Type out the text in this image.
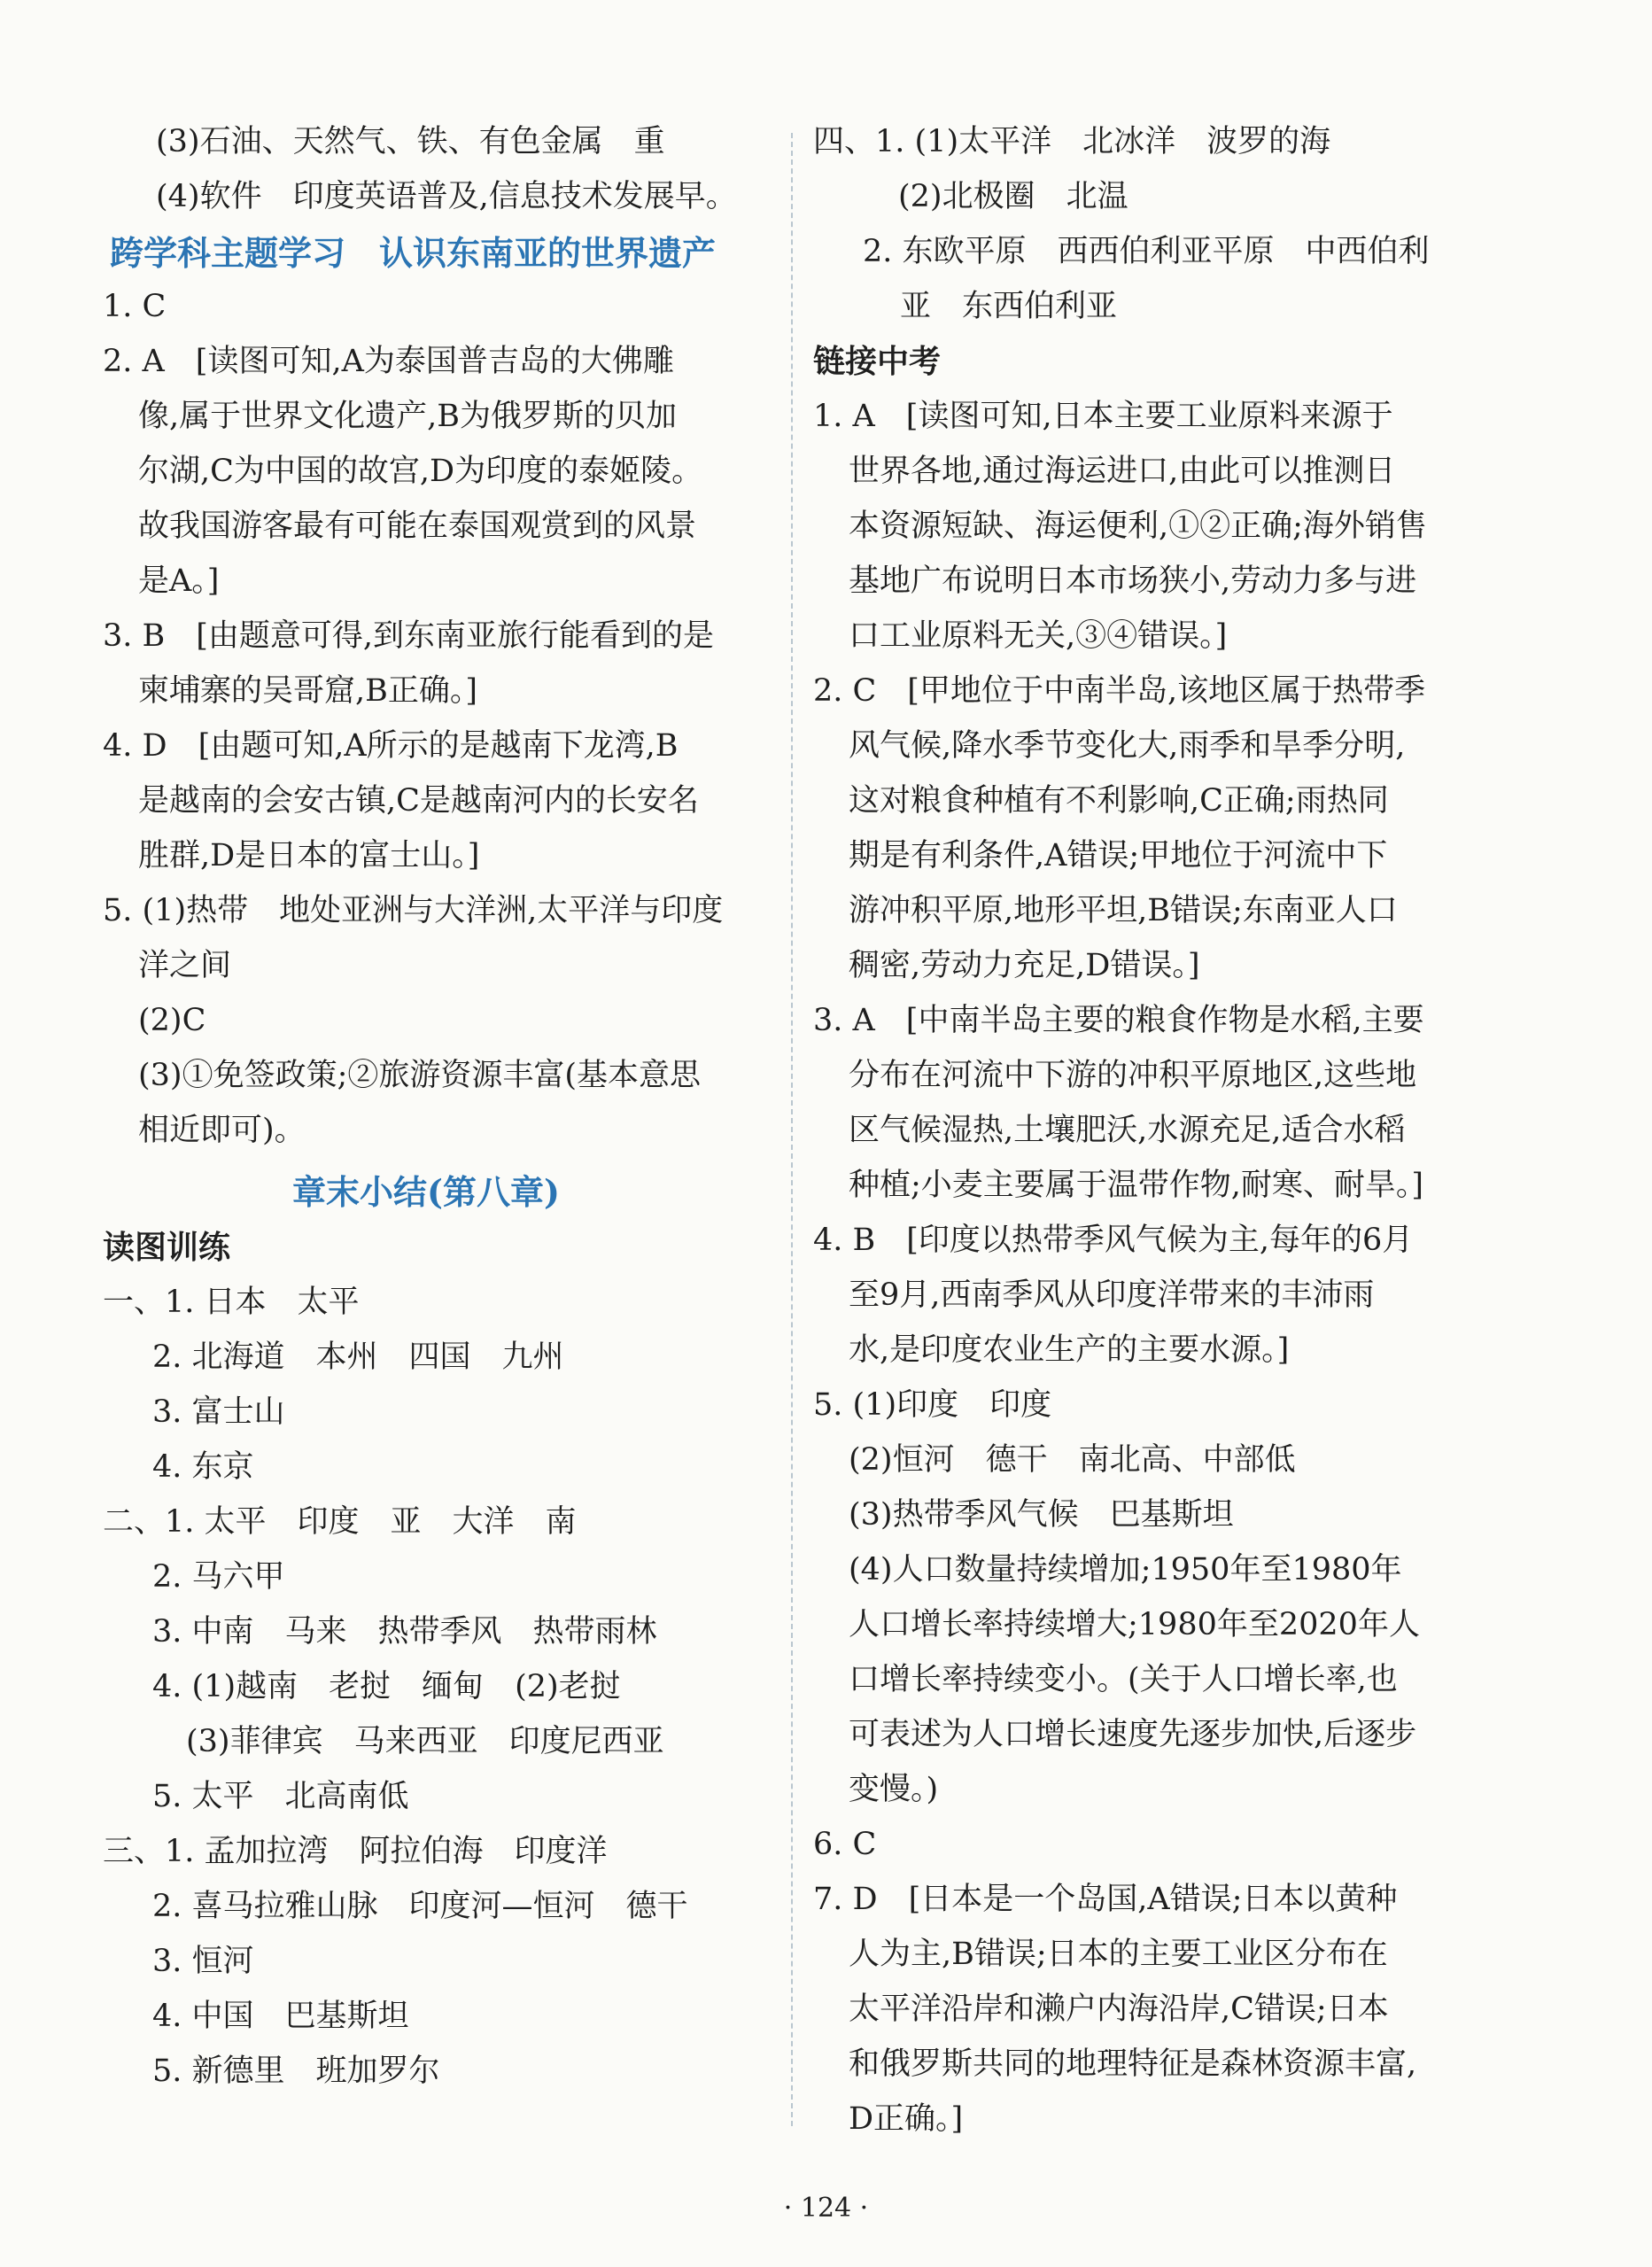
(3)石油、天然气、铁、有色金属　重
(4)软件　印度英语普及,信息技术发展早。
跨学科主题学习　认识东南亚的世界遗产
1. C
2. A　[读图可知,A为泰国普吉岛的大佛雕
像,属于世界文化遗产,B为俄罗斯的贝加
尔湖,C为中国的故宫,D为印度的泰姬陵。
故我国游客最有可能在泰国观赏到的风景
是A。]
3. B　[由题意可得,到东南亚旅行能看到的是
柬埔寨的吴哥窟,B正确。]
4. D　[由题可知,A所示的是越南下龙湾,B
是越南的会安古镇,C是越南河内的长安名
胜群,D是日本的富士山。]
5. (1)热带　地处亚洲与大洋洲,太平洋与印度
洋之间
(2)C
(3)①免签政策;②旅游资源丰富(基本意思
相近即可)。
章末小结(第八章)
读图训练
一、1. 日本　太平
2. 北海道　本州　四国　九州
3. 富士山
4. 东京
二、1. 太平　印度　亚　大洋　南
2. 马六甲
3. 中南　马来　热带季风　热带雨林
4. (1)越南　老挝　缅甸　(2)老挝
(3)菲律宾　马来西亚　印度尼西亚
5. 太平　北高南低
三、1. 孟加拉湾　阿拉伯海　印度洋
2. 喜马拉雅山脉　印度河—恒河　德干
3. 恒河
4. 中国　巴基斯坦
5. 新德里　班加罗尔
四、1. (1)太平洋　北冰洋　波罗的海
(2)北极圈　北温
2. 东欧平原　西西伯利亚平原　中西伯利
亚　东西伯利亚
链接中考
1. A　[读图可知,日本主要工业原料来源于
世界各地,通过海运进口,由此可以推测日
本资源短缺、海运便利,①②正确;海外销售
基地广布说明日本市场狭小,劳动力多与进
口工业原料无关,③④错误。]
2. C　[甲地位于中南半岛,该地区属于热带季
风气候,降水季节变化大,雨季和旱季分明,
这对粮食种植有不利影响,C正确;雨热同
期是有利条件,A错误;甲地位于河流中下
游冲积平原,地形平坦,B错误;东南亚人口
稠密,劳动力充足,D错误。]
3. A　[中南半岛主要的粮食作物是水稻,主要
分布在河流中下游的冲积平原地区,这些地
区气候湿热,土壤肥沃,水源充足,适合水稻
种植;小麦主要属于温带作物,耐寒、耐旱。]
4. B　[印度以热带季风气候为主,每年的6月
至9月,西南季风从印度洋带来的丰沛雨
水,是印度农业生产的主要水源。]
5. (1)印度　印度
(2)恒河　德干　南北高、中部低
(3)热带季风气候　巴基斯坦
(4)人口数量持续增加;1950年至1980年
人口增长率持续增大;1980年至2020年人
口增长率持续变小。(关于人口增长率,也
可表述为人口增长速度先逐步加快,后逐步
变慢。)
6. C
7. D　[日本是一个岛国,A错误;日本以黄种
人为主,B错误;日本的主要工业区分布在
太平洋沿岸和濑户内海沿岸,C错误;日本
和俄罗斯共同的地理特征是森林资源丰富,
D正确。]
· 124 ·
